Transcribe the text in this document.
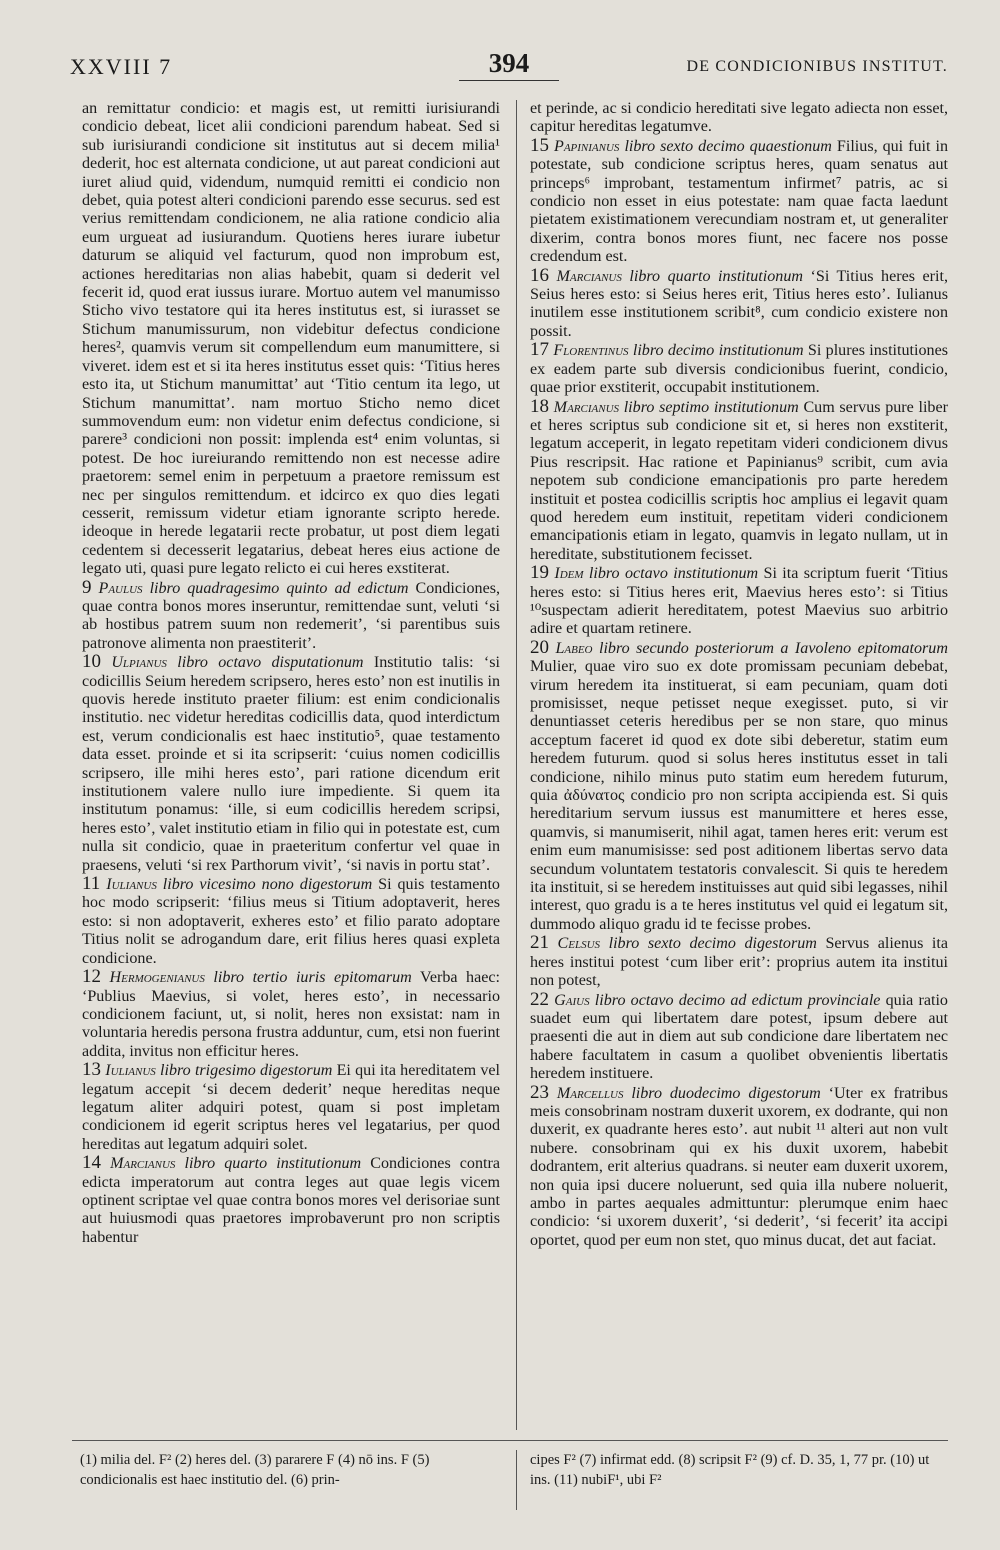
XXVIII 7	394	DE CONDICIONIBUS INSTITUT.

an remittatur condicio: et magis est, ut remitti iurisiurandi condicio debeat, licet alii condicioni parendum habeat. Sed si sub iurisiurandi condicione sit institutus aut si decem milia¹ dederit, hoc est alternata condicione, ut aut pareat condicioni aut iuret aliud quid, videndum, numquid remitti ei condicio non debet, quia potest alteri condicioni parendo esse securus. sed est verius remittendam condicionem, ne alia ratione condicio alia eum urgueat ad iusiurandum. Quotiens heres iurare iubetur daturum se aliquid vel facturum, quod non improbum est, actiones hereditarias non alias habebit, quam si dederit vel fecerit id, quod erat iussus iurare. Mortuo autem vel manumisso Sticho vivo testatore qui ita heres institutus est, si iurasset se Stichum manumissurum, non videbitur defectus condicione heres², quamvis verum sit compellendum eum manumittere, si viveret. idem est et si ita heres institutus esset quis: ‘Titius heres esto ita, ut Stichum manumittat’ aut ‘Titio centum ita lego, ut Stichum manumittat’. nam mortuo Sticho nemo dicet summovendum eum: non videtur enim defectus condicione, si parere³ condicioni non possit: implenda est⁴ enim voluntas, si potest. De hoc iureiurando remittendo non est necesse adire praetorem: semel enim in perpetuum a praetore remissum est nec per singulos remittendum. et idcirco ex quo dies legati cesserit, remissum videtur etiam ignorante scripto herede. ideoque in herede legatarii recte probatur, ut post diem legati cedentem si decesserit legatarius, debeat heres eius actione de legato uti, quasi pure legato relicto ei cui heres exstiterat.

9 Paulus libro quadragesimo quinto ad edictum Condiciones, quae contra bonos mores inseruntur, remittendae sunt, veluti ‘si ab hostibus patrem suum non redemerit’, ‘si parentibus suis patronove alimenta non praestiterit’.

10 Ulpianus libro octavo disputationum Institutio talis: ‘si codicillis Seium heredem scripsero, heres esto’ non est inutilis in quovis herede instituto praeter filium: est enim condicionalis institutio. nec videtur hereditas codicillis data, quod interdictum est, verum condicionalis est haec institutio⁵, quae testamento data esset. proinde et si ita scripserit: ‘cuius nomen codicillis scripsero, ille mihi heres esto’, pari ratione dicendum erit institutionem valere nullo iure impediente. Si quem ita institutum ponamus: ‘ille, si eum codicillis heredem scripsi, heres esto’, valet institutio etiam in filio qui in potestate est, cum nulla sit condicio, quae in praeteritum confertur vel quae in praesens, veluti ‘si rex Parthorum vivit’, ‘si navis in portu stat’.

11 Iulianus libro vicesimo nono digestorum Si quis testamento hoc modo scripserit: ‘filius meus si Titium adoptaverit, heres esto: si non adoptaverit, exheres esto’ et filio parato adoptare Titius nolit se adrogandum dare, erit filius heres quasi expleta condicione.

12 Hermogenianus libro tertio iuris epitomarum Verba haec: ‘Publius Maevius, si volet, heres esto’, in necessario condicionem faciunt, ut, si nolit, heres non exsistat: nam in voluntaria heredis persona frustra adduntur, cum, etsi non fuerint addita, invitus non efficitur heres.

13 Iulianus libro trigesimo digestorum Ei qui ita hereditatem vel legatum accepit ‘si decem dederit’ neque hereditas neque legatum aliter adquiri potest, quam si post impletam condicionem id egerit scriptus heres vel legatarius, per quod hereditas aut legatum adquiri solet.

14 Marcianus libro quarto institutionum Condiciones contra edicta imperatorum aut contra leges aut quae legis vicem optinent scriptae vel quae contra bonos mores vel derisoriae sunt aut huiusmodi quas praetores improbaverunt pro non scriptis habentur

et perinde, ac si condicio hereditati sive legato adiecta non esset, capitur hereditas legatumve.

15 Papinianus libro sexto decimo quaestionum Filius, qui fuit in potestate, sub condicione scriptus heres, quam senatus aut princeps⁶ improbant, testamentum infirmet⁷ patris, ac si condicio non esset in eius potestate: nam quae facta laedunt pietatem existimationem verecundiam nostram et, ut generaliter dixerim, contra bonos mores fiunt, nec facere nos posse credendum est.

16 Marcianus libro quarto institutionum ‘Si Titius heres erit, Seius heres esto: si Seius heres erit, Titius heres esto’. Iulianus inutilem esse institutionem scribit⁸, cum condicio existere non possit.

17 Florentinus libro decimo institutionum Si plures institutiones ex eadem parte sub diversis condicionibus fuerint, condicio, quae prior exstiterit, occupabit institutionem.

18 Marcianus libro septimo institutionum Cum servus pure liber et heres scriptus sub condicione sit et, si heres non exstiterit, legatum acceperit, in legato repetitam videri condicionem divus Pius rescripsit. Hac ratione et Papinianus⁹ scribit, cum avia nepotem sub condicione emancipationis pro parte heredem instituit et postea codicillis scriptis hoc amplius ei legavit quam quod heredem eum instituit, repetitam videri condicionem emancipationis etiam in legato, quamvis in legato nullam, ut in hereditate, substitutionem fecisset.

19 Idem libro octavo institutionum Si ita scriptum fuerit ‘Titius heres esto: si Titius heres erit, Maevius heres esto’: si Titius ¹⁰suspectam adierit hereditatem, potest Maevius suo arbitrio adire et quartam retinere.

20 Labeo libro secundo posteriorum a Iavoleno epitomatorum Mulier, quae viro suo ex dote promissam pecuniam debebat, virum heredem ita instituerat, si eam pecuniam, quam doti promisisset, neque petisset neque exegisset. puto, si vir denuntiasset ceteris heredibus per se non stare, quo minus acceptum faceret id quod ex dote sibi deberetur, statim eum heredem futurum. quod si solus heres institutus esset in tali condicione, nihilo minus puto statim eum heredem futurum, quia ἀδύνατος condicio pro non scripta accipienda est. Si quis hereditarium servum iussus est manumittere et heres esse, quamvis, si manumiserit, nihil agat, tamen heres erit: verum est enim eum manumisisse: sed post aditionem libertas servo data secundum voluntatem testatoris convalescit. Si quis te heredem ita instituit, si se heredem instituisses aut quid sibi legasses, nihil interest, quo gradu is a te heres institutus vel quid ei legatum sit, dummodo aliquo gradu id te fecisse probes.

21 Celsus libro sexto decimo digestorum Servus alienus ita heres institui potest ‘cum liber erit’: proprius autem ita institui non potest,

22 Gaius libro octavo decimo ad edictum provinciale quia ratio suadet eum qui libertatem dare potest, ipsum debere aut praesenti die aut in diem aut sub condicione dare libertatem nec habere facultatem in casum a quolibet obvenientis libertatis heredem instituere.

23 Marcellus libro duodecimo digestorum ‘Uter ex fratribus meis consobrinam nostram duxerit uxorem, ex dodrante, qui non duxerit, ex quadrante heres esto’. aut nubit ¹¹ alteri aut non vult nubere. consobrinam qui ex his duxit uxorem, habebit dodrantem, erit alterius quadrans. si neuter eam duxerit uxorem, non quia ipsi ducere noluerunt, sed quia illa nubere noluerit, ambo in partes aequales admittuntur: plerumque enim haec condicio: ‘si uxorem duxerit’, ‘si dederit’, ‘si fecerit’ ita accipi oportet, quod per eum non stet, quo minus ducat, det aut faciat.

(1) milia del. F² (2) heres del. (3) pararere F (4) nō ins. F (5) condicionalis est haec institutio del. (6) prin-
cipes F² (7) infirmat edd. (8) scripsit F² (9) cf. D. 35, 1, 77 pr. (10) ut ins. (11) nubiF¹, ubi F²
